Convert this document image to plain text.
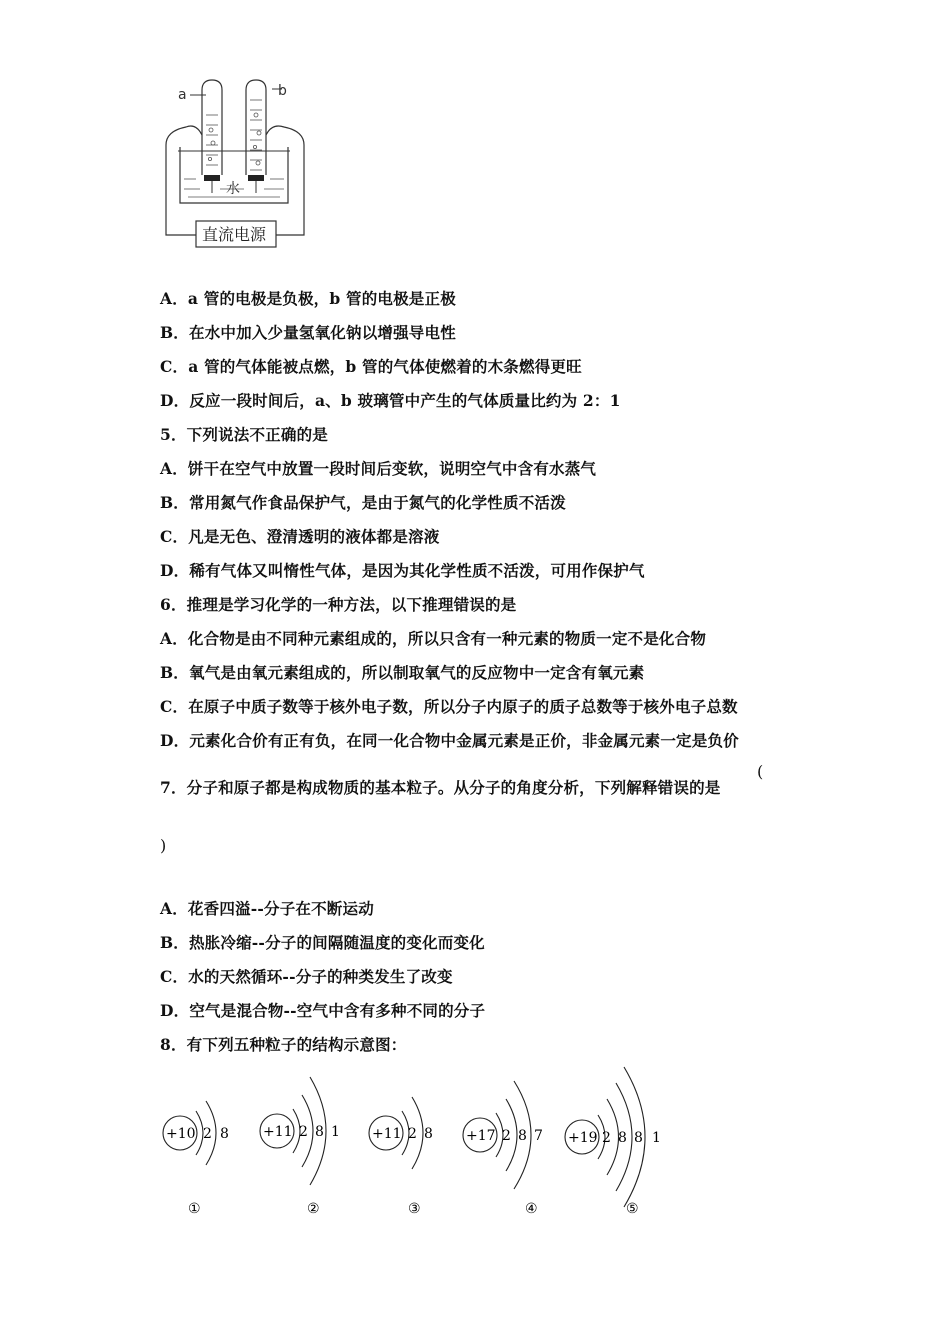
a	b
水
直流电源
A．a 管的电极是负极，b 管的电极是正极
B．在水中加入少量氢氧化钠以增强导电性
C．a 管的气体能被点燃，b 管的气体使燃着的木条燃得更旺
D．反应一段时间后，a、b 玻璃管中产生的气体质量比约为 2：1
5．下列说法不正确的是
A．饼干在空气中放置一段时间后变软，说明空气中含有水蒸气
B．常用氮气作食品保护气，是由于氮气的化学性质不活泼
C．凡是无色、澄清透明的液体都是溶液
D．稀有气体又叫惰性气体，是因为其化学性质不活泼，可用作保护气
6．推理是学习化学的一种方法，以下推理错误的是
A．化合物是由不同种元素组成的，所以只含有一种元素的物质一定不是化合物
B．氧气是由氧元素组成的，所以制取氧气的反应物中一定含有氧元素
C．在原子中质子数等于核外电子数，所以分子内原子的质子总数等于核外电子总数
D．元素化合价有正有负，在同一化合物中金属元素是正价，非金属元素一定是负价
7．分子和原子都是构成物质的基本粒子。从分子的角度分析，下列解释错误的是
(
)
A．花香四溢--分子在不断运动
B．热胀冷缩--分子的间隔随温度的变化而变化
C．水的天然循环--分子的种类发生了改变
D．空气是混合物--空气中含有多种不同的分子
8．有下列五种粒子的结构示意图：
+10	+11	+11	+17	+19
2 8	2 8 1	2 8	2 8 7	2 8 8 1
①	②	③	④	⑤
